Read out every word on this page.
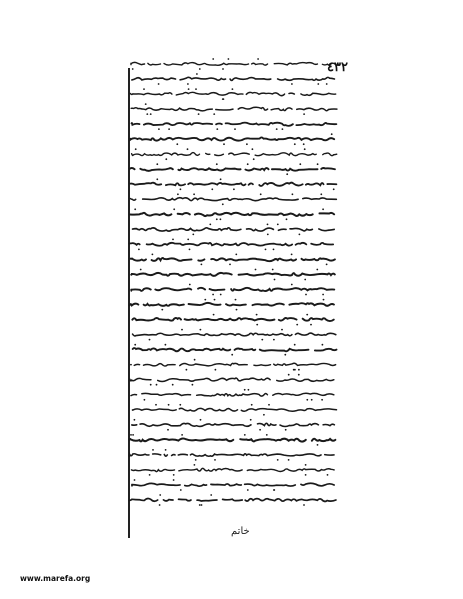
٤٣٢
خاتم
www.marefa.org
